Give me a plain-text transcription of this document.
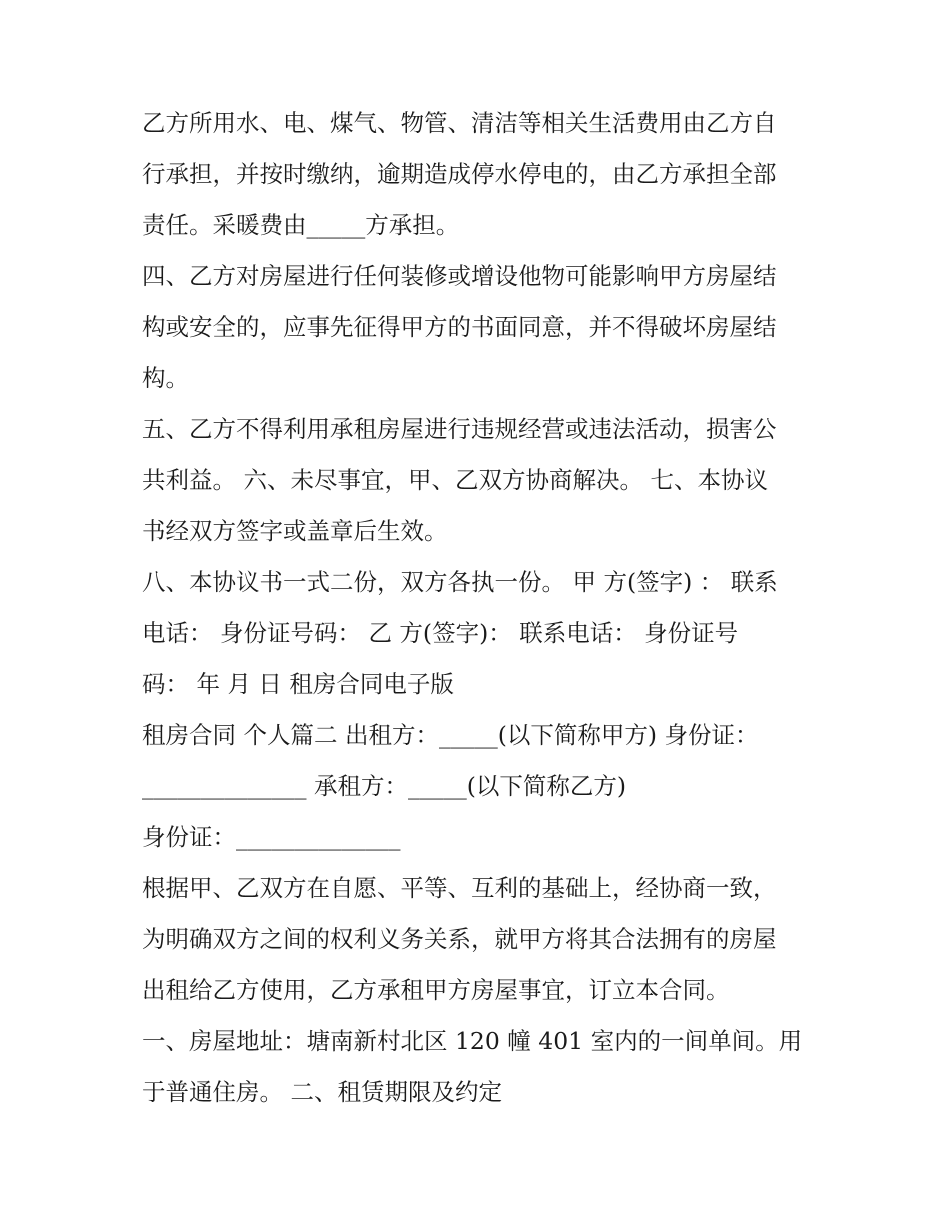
乙方所用水、电、煤气、物管、清洁等相关生活费用由乙方自
行承担，并按时缴纳，逾期造成停水停电的，由乙方承担全部
责任。采暖费由_____方承担。
四、乙方对房屋进行任何装修或增设他物可能影响甲方房屋结
构或安全的，应事先征得甲方的书面同意，并不得破坏房屋结
构。
五、乙方不得利用承租房屋进行违规经营或违法活动，损害公
共利益。 六、未尽事宜，甲、乙双方协商解决。 七、本协议
书经双方签字或盖章后生效。
八、本协议书一式二份，双方各执一份。 甲 方(签字) ： 联系
电话： 身份证号码： 乙 方(签字)： 联系电话： 身份证号
码： 年 月 日 租房合同电子版
租房合同 个人篇二 出租方：_____(以下简称甲方) 身份证：
______________ 承租方：_____(以下简称乙方)
身份证：______________
根据甲、乙双方在自愿、平等、互利的基础上，经协商一致，
为明确双方之间的权利义务关系，就甲方将其合法拥有的房屋
出租给乙方使用，乙方承租甲方房屋事宜，订立本合同。
一、房屋地址：塘南新村北区 120 幢 401 室内的一间单间。用
于普通住房。 二、租赁期限及约定
